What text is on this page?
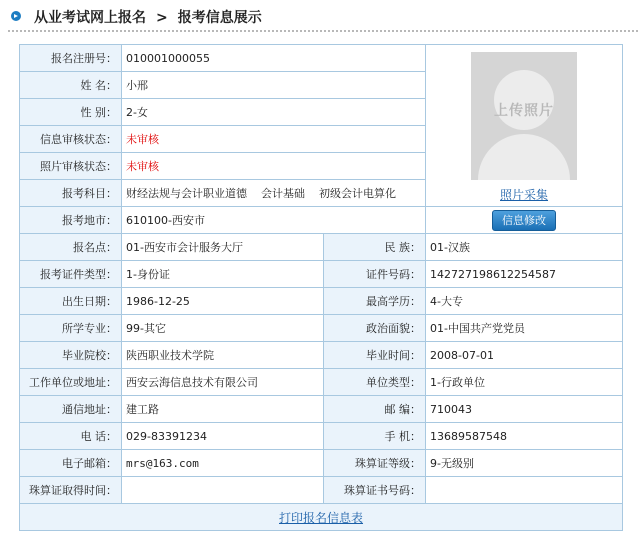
从业考试网上报名 > 报考信息展示
报名注册号：	010001000055		上传照片
照片采集
姓 名：	小邢		
性 别：	2-女		
信息审核状态：	未审核		
照片审核状态：	未审核		
报考科目：	财经法规与会计职业道德 会计基础 初级会计电算化		
报考地市：	610100-西安市		信息修改
报名点：	01-西安市会计服务大厅	民 族：	01-汉族
报考证件类型：	1-身份证	证件号码：	142727198612254587
出生日期：	1986-12-25	最高学历：	4-大专
所学专业：	99-其它	政治面貌：	01-中国共产党党员
毕业院校：	陕西职业技术学院	毕业时间：	2008-07-01
工作单位或地址：	西安云海信息技术有限公司	单位类型：	1-行政单位
通信地址：	建工路	邮 编：	710043
电 话：	029-83391234	手 机：	13689587548
电子邮箱：	mrs@163.com	珠算证等级：	9-无级别
珠算证取得时间：		珠算证书号码：	
打印报名信息表			
